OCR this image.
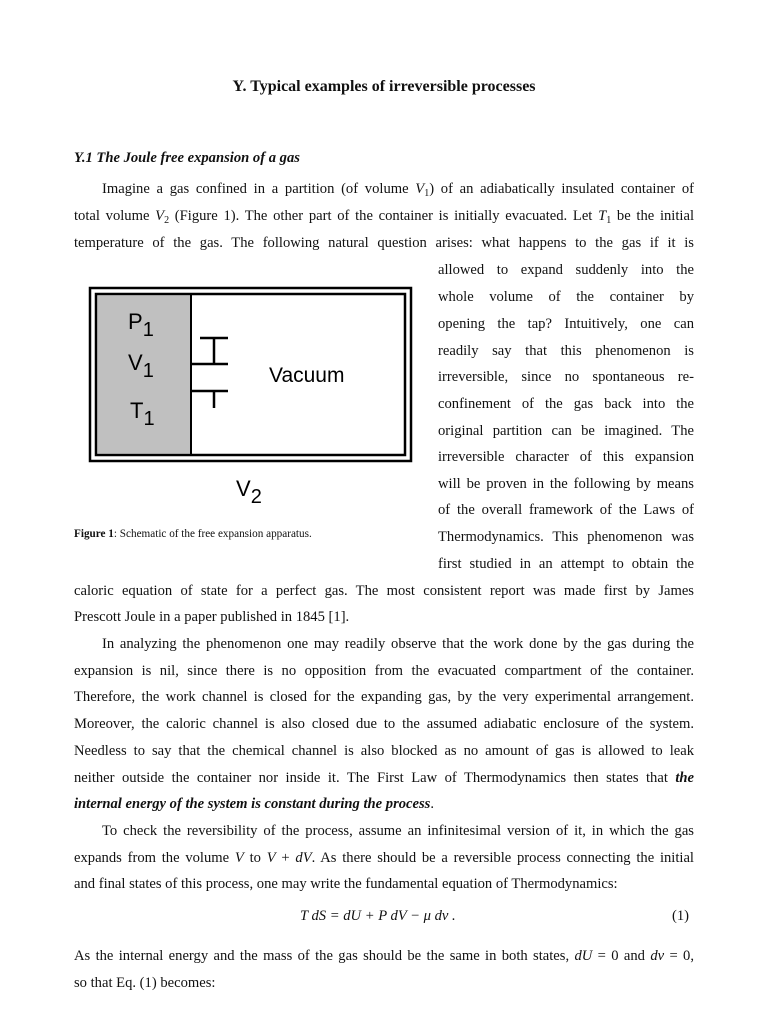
Y. Typical examples of irreversible processes
Y.1 The Joule free expansion of a gas
Imagine a gas confined in a partition (of volume $V_1$) of an adiabatically insulated container of
total volume $V_2$ (Figure 1). The other part of the container is initially evacuated. Let $T_1$ be the initial
temperature of the gas. The following natural question arises: what happens to the gas if it is
allowed to expand suddenly into the
whole volume of the container by
opening the tap? Intuitively, one can
readily say that this phenomenon is
irreversible, since no spontaneous re-
confinement of the gas back into the
original partition can be imagined. The
irreversible character of this expansion
will be proven in the following by means
of the overall framework of the Laws of
Thermodynamics. This phenomenon was
first studied in an attempt to obtain the
caloric equation of state for a perfect gas. The most consistent report was made first by James
Prescott Joule in a paper published in 1845 [1].
P1
V1
T1
Vacuum
V2
Figure 1: Schematic of the free expansion apparatus.
In analyzing the phenomenon one may readily observe that the work done by the gas during the
expansion is nil, since there is no opposition from the evacuated compartment of the container.
Therefore, the work channel is closed for the expanding gas, by the very experimental arrangement.
Moreover, the caloric channel is also closed due to the assumed adiabatic enclosure of the system.
Needless to say that the chemical channel is also blocked as no amount of gas is allowed to leak
neither outside the container nor inside it. The First Law of Thermodynamics then states that the
internal energy of the system is constant during the process.
To check the reversibility of the process, assume an infinitesimal version of it, in which the gas
expands from the volume V to V + dV. As there should be a reversible process connecting the initial
and final states of this process, one may write the fundamental equation of Thermodynamics:
T dS = dU + P dV − μ dν .	(1)
As the internal energy and the mass of the gas should be the same in both states, dU = 0 and dν = 0,
so that Eq. (1) becomes:
